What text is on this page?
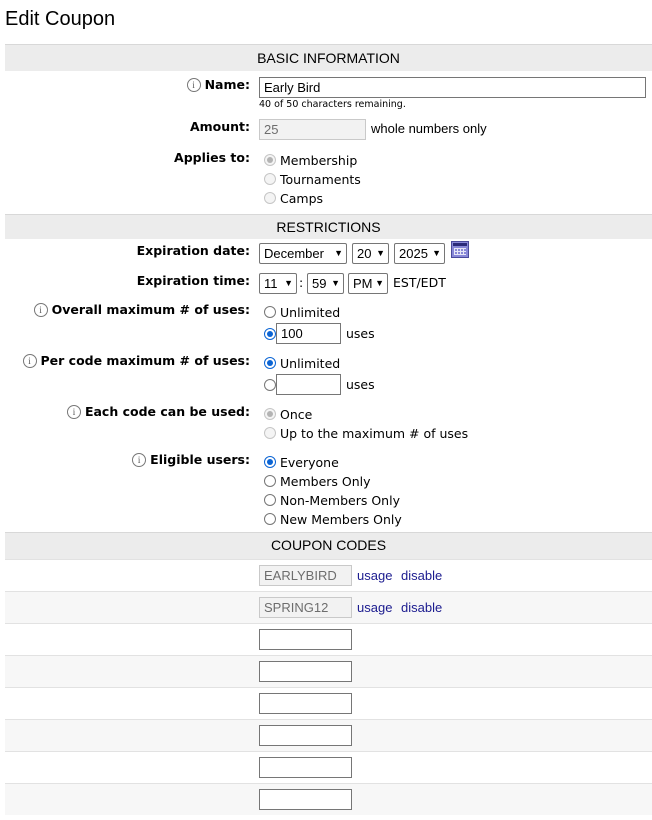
Edit Coupon
BASIC INFORMATION
i Name:	Early Bird
40 of 50 characters remaining.
Amount:	25	whole numbers only
Applies to: Membership
Tournaments
Camps
RESTRICTIONS
Expiration date:	December ▼	20 ▼	2025 ▼
Expiration time:	11 ▼ : 59 ▼	PM ▼ EST/EDT
i Overall maximum # of uses: Unlimited
100	uses
i Per code maximum # of uses: Unlimited
uses
i Each code can be used: Once
Up to the maximum # of uses
i Eligible users: Everyone
Members Only
Non-Members Only
New Members Only
COUPON CODES
EARLYBIRD	usage disable
SPRING12	usage disable
